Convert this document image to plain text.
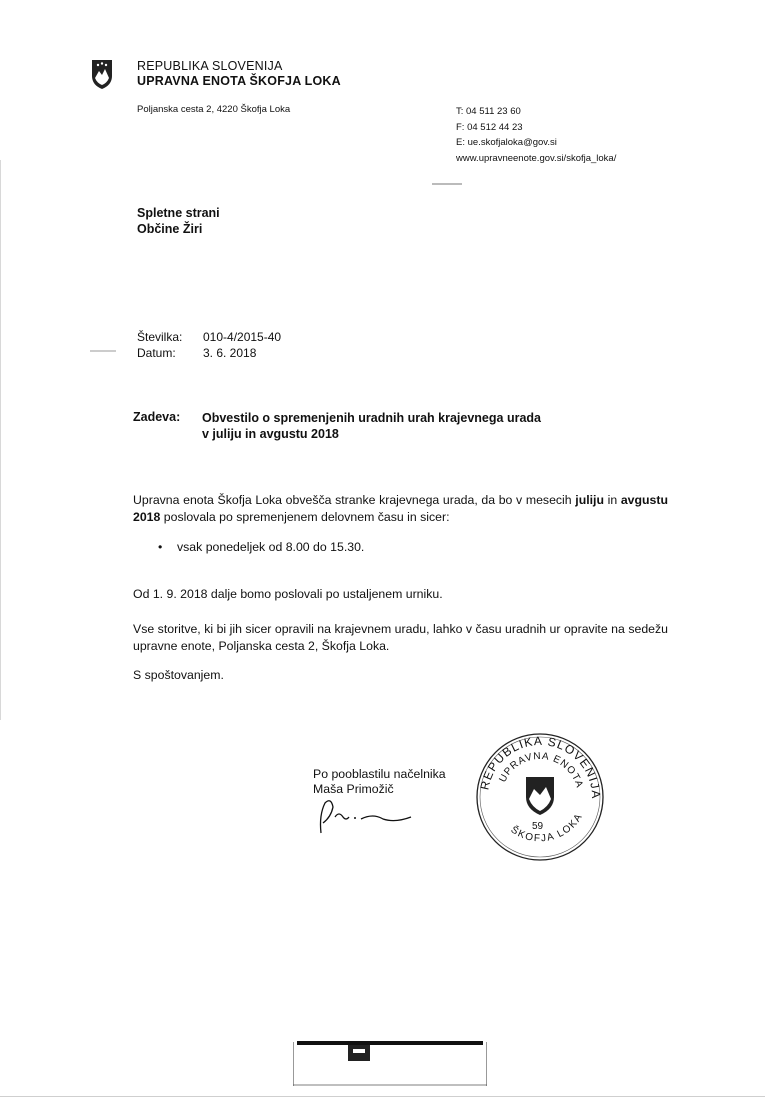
REPUBLIKA SLOVENIJA
UPRAVNA ENOTA ŠKOFJA LOKA
Poljanska cesta 2, 4220 Škofja Loka	T: 04 511 23 60
F: 04 512 44 23
E: ue.skofjaloka@gov.si
www.upravneenote.gov.si/skofja_loka/
Spletne strani
Občine Žiri
Številka: 010-4/2015-40
Datum: 3. 6. 2018
Zadeva: Obvestilo o spremenjenih uradnih urah krajevnega urada
v juliju in avgustu 2018
Upravna enota Škofja Loka obvešča stranke krajevnega urada, da bo v mesecih juliju in avgustu 2018 poslovala po spremenjenem delovnem času in sicer:
• vsak ponedeljek od 8.00 do 15.30.
Od 1. 9. 2018 dalje bomo poslovali po ustaljenem urniku.
Vse storitve, ki bi jih sicer opravili na krajevnem uradu, lahko v času uradnih ur opravite na sedežu upravne enote, Poljanska cesta 2, Škofja Loka.
S spoštovanjem.
Po pooblastilu načelnika
Maša Primožič	REPUBLIKA SLOVENIJA
UPRAVNA ENOTA
ŠKOFJA LOKA
59
